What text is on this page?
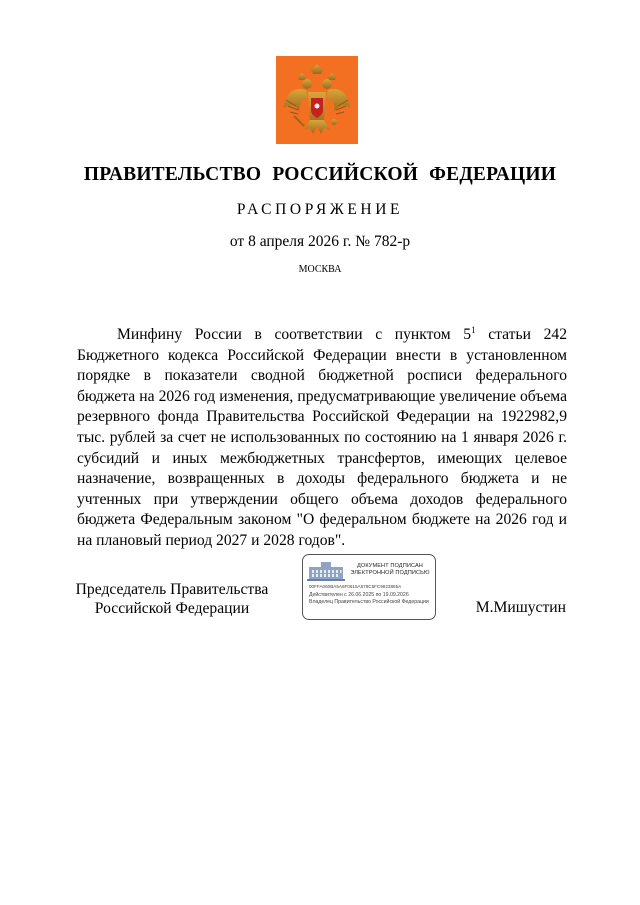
ПРАВИТЕЛЬСТВО РОССИЙСКОЙ ФЕДЕРАЦИИ
РАСПОРЯЖЕНИЕ
от 8 апреля 2026 г. № 782-р
МОСКВА

Минфину России в соответствии с пунктом $5^1$ статьи 242 Бюджетного кодекса Российской Федерации внести в установленном порядке в показатели сводной бюджетной росписи федерального бюджета на 2026 год изменения, предусматривающие увеличение объема резервного фонда Правительства Российской Федерации на 1922982,9 тыс. рублей за счет не использованных по состоянию на 1 января 2026 г. субсидий и иных межбюджетных трансфертов, имеющих целевое назначение, возвращенных в доходы федерального бюджета и не учтенных при утверждении общего объема доходов федерального бюджета Федеральным законом "О федеральном бюджете на 2026 год и на плановый период 2027 и 2028 годов".

Председатель Правительства
Российской Федерации
ДОКУМЕНТ ПОДПИСАН
ЭЛЕКТРОННОЙ ПОДПИСЬЮ
00FFA060BA5A6F0615A578C5FC9823865A
Действителен с 26.06.2025 по 19.09.2026
Владелец Правительство Российской Федерации	М.Мишустин
